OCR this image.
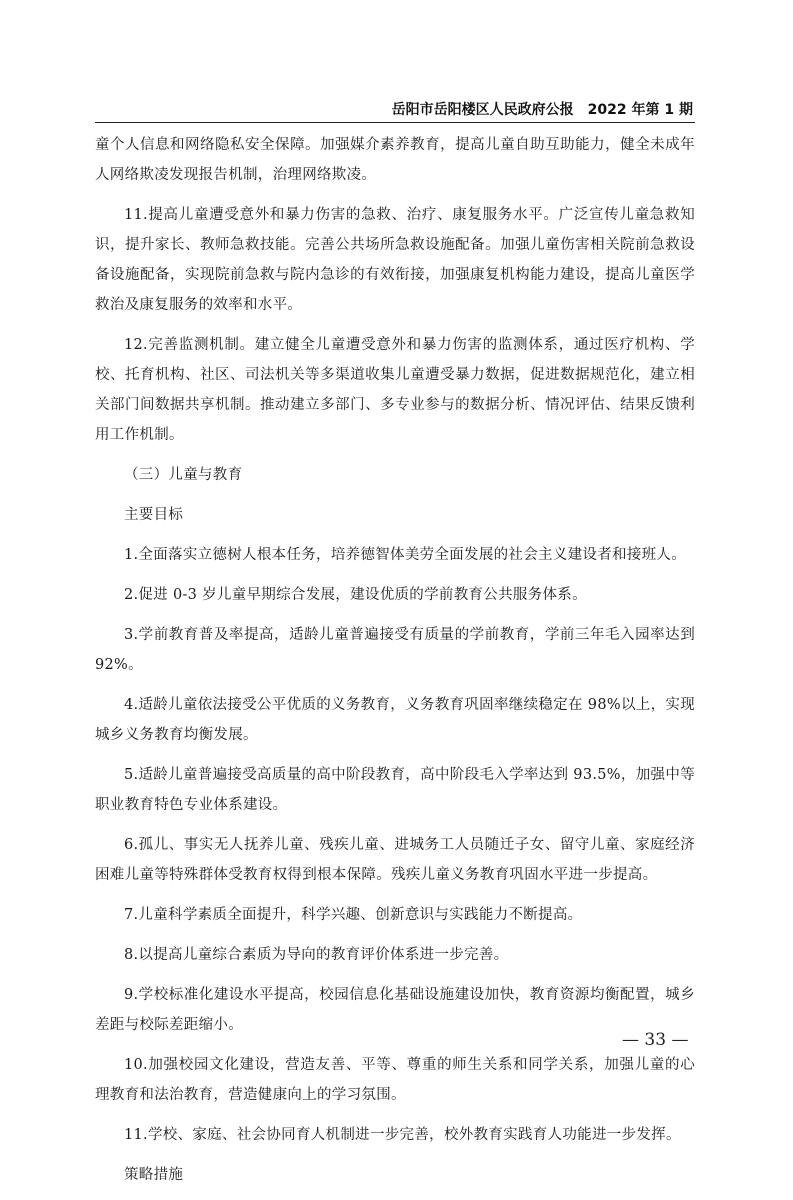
岳阳市岳阳楼区人民政府公报　2022 年第 1 期

童个人信息和网络隐私安全保障。加强媒介素养教育，提高儿童自助互助能力，健全未成年人网络欺凌发现报告机制，治理网络欺凌。

11.提高儿童遭受意外和暴力伤害的急救、治疗、康复服务水平。广泛宣传儿童急救知识，提升家长、教师急救技能。完善公共场所急救设施配备。加强儿童伤害相关院前急救设备设施配备，实现院前急救与院内急诊的有效衔接，加强康复机构能力建设，提高儿童医学救治及康复服务的效率和水平。

12.完善监测机制。建立健全儿童遭受意外和暴力伤害的监测体系，通过医疗机构、学校、托育机构、社区、司法机关等多渠道收集儿童遭受暴力数据，促进数据规范化，建立相关部门间数据共享机制。推动建立多部门、多专业参与的数据分析、情况评估、结果反馈利用工作机制。

（三）儿童与教育

主要目标

1.全面落实立德树人根本任务，培养德智体美劳全面发展的社会主义建设者和接班人。

2.促进 0-3 岁儿童早期综合发展，建设优质的学前教育公共服务体系。

3.学前教育普及率提高，适龄儿童普遍接受有质量的学前教育，学前三年毛入园率达到 92%。

4.适龄儿童依法接受公平优质的义务教育，义务教育巩固率继续稳定在 98%以上，实现城乡义务教育均衡发展。

5.适龄儿童普遍接受高质量的高中阶段教育，高中阶段毛入学率达到 93.5%，加强中等职业教育特色专业体系建设。

6.孤儿、事实无人抚养儿童、残疾儿童、进城务工人员随迁子女、留守儿童、家庭经济困难儿童等特殊群体受教育权得到根本保障。残疾儿童义务教育巩固水平进一步提高。

7.儿童科学素质全面提升，科学兴趣、创新意识与实践能力不断提高。

8.以提高儿童综合素质为导向的教育评价体系进一步完善。

9.学校标准化建设水平提高，校园信息化基础设施建设加快，教育资源均衡配置，城乡差距与校际差距缩小。

10.加强校园文化建设，营造友善、平等、尊重的师生关系和同学关系，加强儿童的心理教育和法治教育，营造健康向上的学习氛围。

11.学校、家庭、社会协同育人机制进一步完善，校外教育实践育人功能进一步发挥。

策略措施

— 33 —
